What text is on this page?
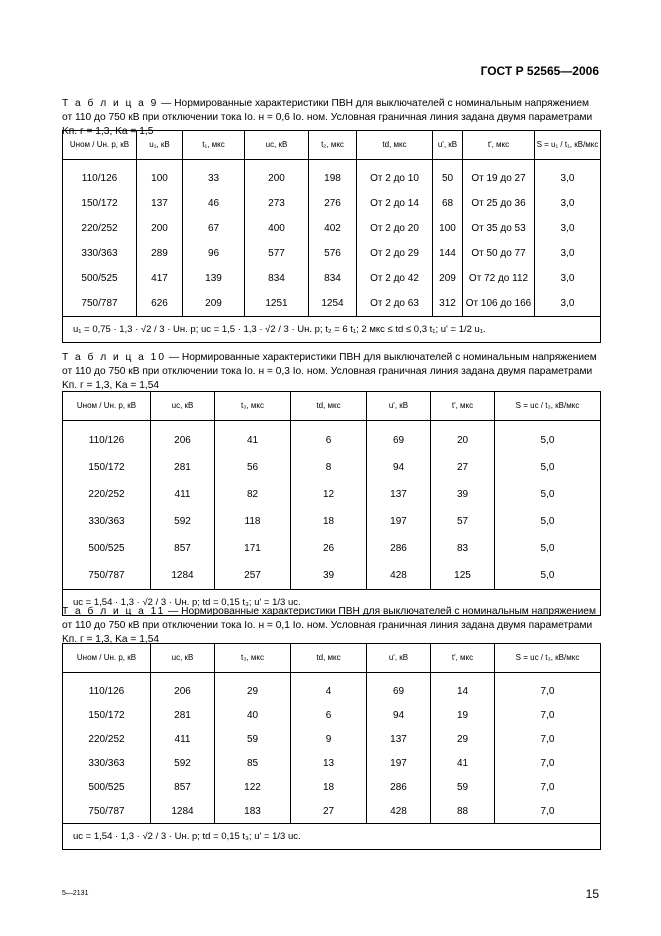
ГОСТ Р 52565—2006
Т а б л и ц а 9 — Нормированные характеристики ПВН для выключателей с номинальным напряжением от 110 до 750 кВ при отключении тока Iо. н = 0,6 Iо. ном. Условная граничная линия задана двумя параметрами Kп. г = 1,3, Kа = 1,5
Uном / Uн. р, кВ	u₁, кВ	t₁, мкс	uс, кВ	t₂, мкс	td, мкс	u', кВ	t', мкс	S = u₁ / t₁, кВ/мкс

110/126	100	33	200	198	От 2 до 10	50	От 19 до 27	3,0
150/172	137	46	273	276	От 2 до 14	68	От 25 до 36	3,0
220/252	200	67	400	402	От 2 до 20	100	От 35 до 53	3,0
330/363	289	96	577	576	От 2 до 29	144	От 50 до 77	3,0
500/525	417	139	834	834	От 2 до 42	209	От 72 до 112	3,0
750/787	626	209	1251	1254	От 2 до 63	312	От 106 до 166	3,0
u₁ = 0,75 · 1,3 · √2 / 3 · Uн. р; uс = 1,5 · 1,3 · √2 / 3 · Uн. р; t₂ = 6 t₁; 2 мкс ≤ td ≤ 0,3 t₁; u' = 1/2 u₁.								
Т а б л и ц а 10 — Нормированные характеристики ПВН для выключателей с номинальным напряжением от 110 до 750 кВ при отключении тока Iо. н = 0,3 Iо. ном. Условная граничная линия задана двумя параметрами Kп. г = 1,3, Kа = 1,54
Uном / Uн. р, кВ	uс, кВ	t₃, мкс	td, мкс	u', кВ	t', мкс	S = uс / t₃, кВ/мкс

110/126	206	41	6	69	20	5,0
150/172	281	56	8	94	27	5,0
220/252	411	82	12	137	39	5,0
330/363	592	118	18	197	57	5,0
500/525	857	171	26	286	83	5,0
750/787	1284	257	39	428	125	5,0
uс = 1,54 · 1,3 · √2 / 3 · Uн. р; td = 0,15 t₃; u' = 1/3 uс.						
Т а б л и ц а 11 — Нормированные характеристики ПВН для выключателей с номинальным напряжением от 110 до 750 кВ при отключении тока Iо. н = 0,1 Iо. ном. Условная граничная линия задана двумя параметрами Kп. г = 1,3, Kа = 1,54
Uном / Uн. р, кВ	uс, кВ	t₃, мкс	td, мкс	u', кВ	t', мкс	S = uс / t₃, кВ/мкс

110/126	206	29	4	69	14	7,0
150/172	281	40	6	94	19	7,0
220/252	411	59	9	137	29	7,0
330/363	592	85	13	197	41	7,0
500/525	857	122	18	286	59	7,0
750/787	1284	183	27	428	88	7,0
uс = 1,54 · 1,3 · √2 / 3 · Uн. р; td = 0,15 t₃; u' = 1/3 uс.						
5—2131	15
